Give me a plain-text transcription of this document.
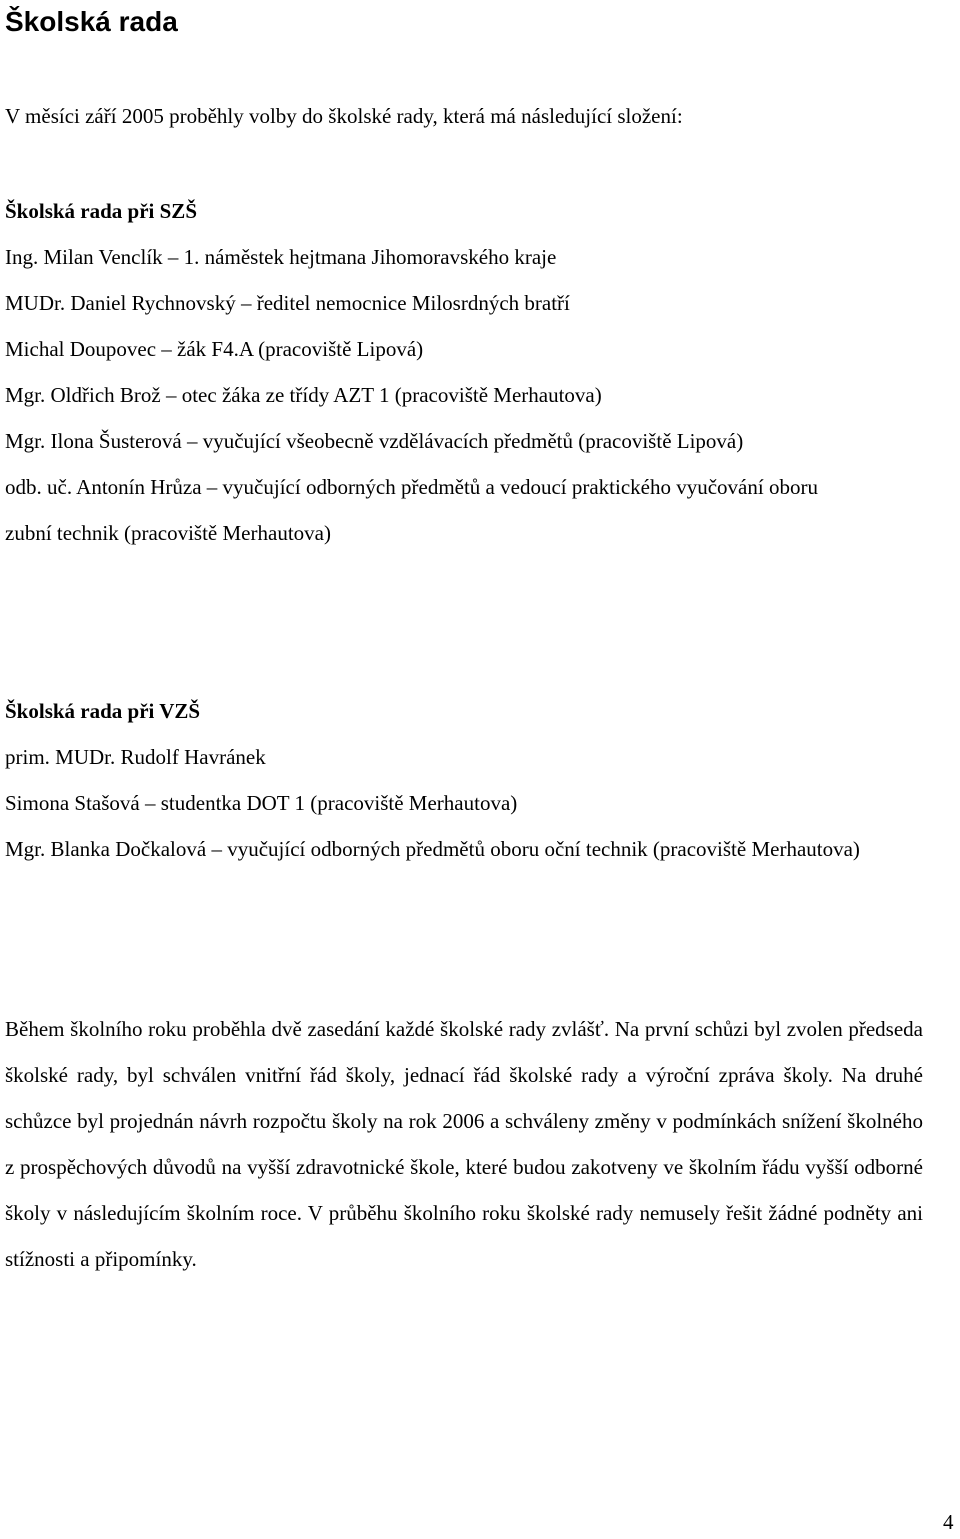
Školská rada

V měsíci září 2005 proběhly volby do školské rady, která má následující složení:

Školská rada při SZŠ

Ing. Milan Venclík – 1. náměstek hejtmana Jihomoravského kraje

MUDr. Daniel Rychnovský – ředitel nemocnice Milosrdných bratří

Michal Doupovec – žák F4.A (pracoviště Lipová)

Mgr. Oldřich Brož – otec žáka ze třídy AZT 1 (pracoviště Merhautova)

Mgr. Ilona Šusterová – vyučující všeobecně vzdělávacích předmětů (pracoviště Lipová)

odb. uč. Antonín Hrůza – vyučující odborných předmětů a vedoucí praktického vyučování oboru zubní technik (pracoviště Merhautova)

Školská rada při VZŠ

prim. MUDr. Rudolf Havránek

Simona Stašová – studentka DOT 1 (pracoviště Merhautova)

Mgr. Blanka Dočkalová – vyučující odborných předmětů oboru oční technik (pracoviště Merhautova)

Během školního roku proběhla dvě zasedání každé školské rady zvlášť. Na první schůzi byl zvolen předseda školské rady, byl schválen vnitřní řád školy, jednací řád školské rady a výroční zpráva školy. Na druhé schůzce byl projednán návrh rozpočtu školy na rok 2006 a schváleny změny v podmínkách snížení školného z prospěchových důvodů na vyšší zdravotnické škole, které budou zakotveny ve školním řádu vyšší odborné školy v následujícím školním roce. V průběhu školního roku školské rady nemusely řešit žádné podněty ani stížnosti a připomínky.

4
